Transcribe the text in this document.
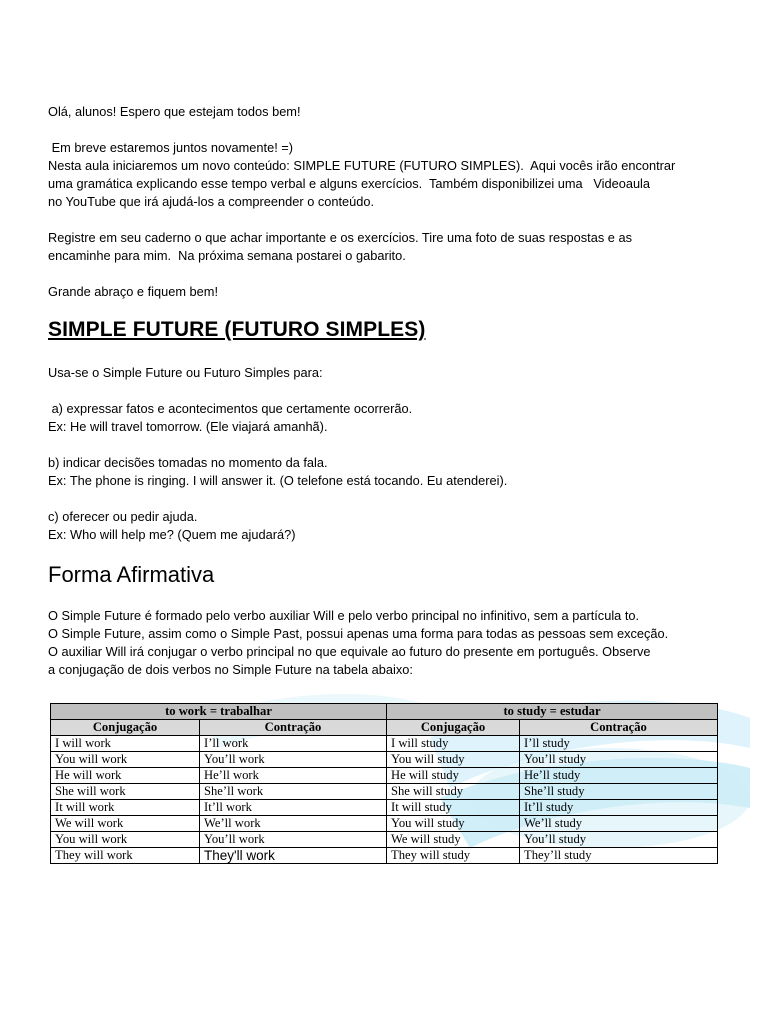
Olá, alunos! Espero que estejam todos bem!

Em breve estaremos juntos novamente! =)

Nesta aula iniciaremos um novo conteúdo: SIMPLE FUTURE (FUTURO SIMPLES).  Aqui vocês irão encontrar

uma gramática explicando esse tempo verbal e alguns exercícios.  Também disponibilizei uma   Videoaula

no YouTube que irá ajudá-los a compreender o conteúdo.

Registre em seu caderno o que achar importante e os exercícios. Tire uma foto de suas respostas e as

encaminhe para mim.  Na próxima semana postarei o gabarito.

Grande abraço e fiquem bem!

SIMPLE FUTURE (FUTURO SIMPLES)

Usa-se o Simple Future ou Futuro Simples para:

a) expressar fatos e acontecimentos que certamente ocorrerão.

Ex: He will travel tomorrow. (Ele viajará amanhã).

b) indicar decisões tomadas no momento da fala.

Ex: The phone is ringing. I will answer it. (O telefone está tocando. Eu atenderei).

c) oferecer ou pedir ajuda.

Ex: Who will help me? (Quem me ajudará?)

Forma Afirmativa

O Simple Future é formado pelo verbo auxiliar Will e pelo verbo principal no infinitivo, sem a partícula to.

O Simple Future, assim como o Simple Past, possui apenas uma forma para todas as pessoas sem exceção.

O auxiliar Will irá conjugar o verbo principal no que equivale ao futuro do presente em português. Observe

a conjugação de dois verbos no Simple Future na tabela abaixo:

to work = trabalhar		to study = estudar	
Conjugação	Contração	Conjugação	Contração
I will work	I’ll work	I will study	I’ll study
You will work	You’ll work	You will study	You’ll study
He will work	He’ll work	He will study	He’ll study
She will work	She’ll work	She will study	She’ll study
It will work	It’ll work	It will study	It’ll study
We will work	We’ll work	You will study	We’ll study
You will work	You’ll work	We will study	You’ll study
They will work	They'll work	They will study	They’ll study
